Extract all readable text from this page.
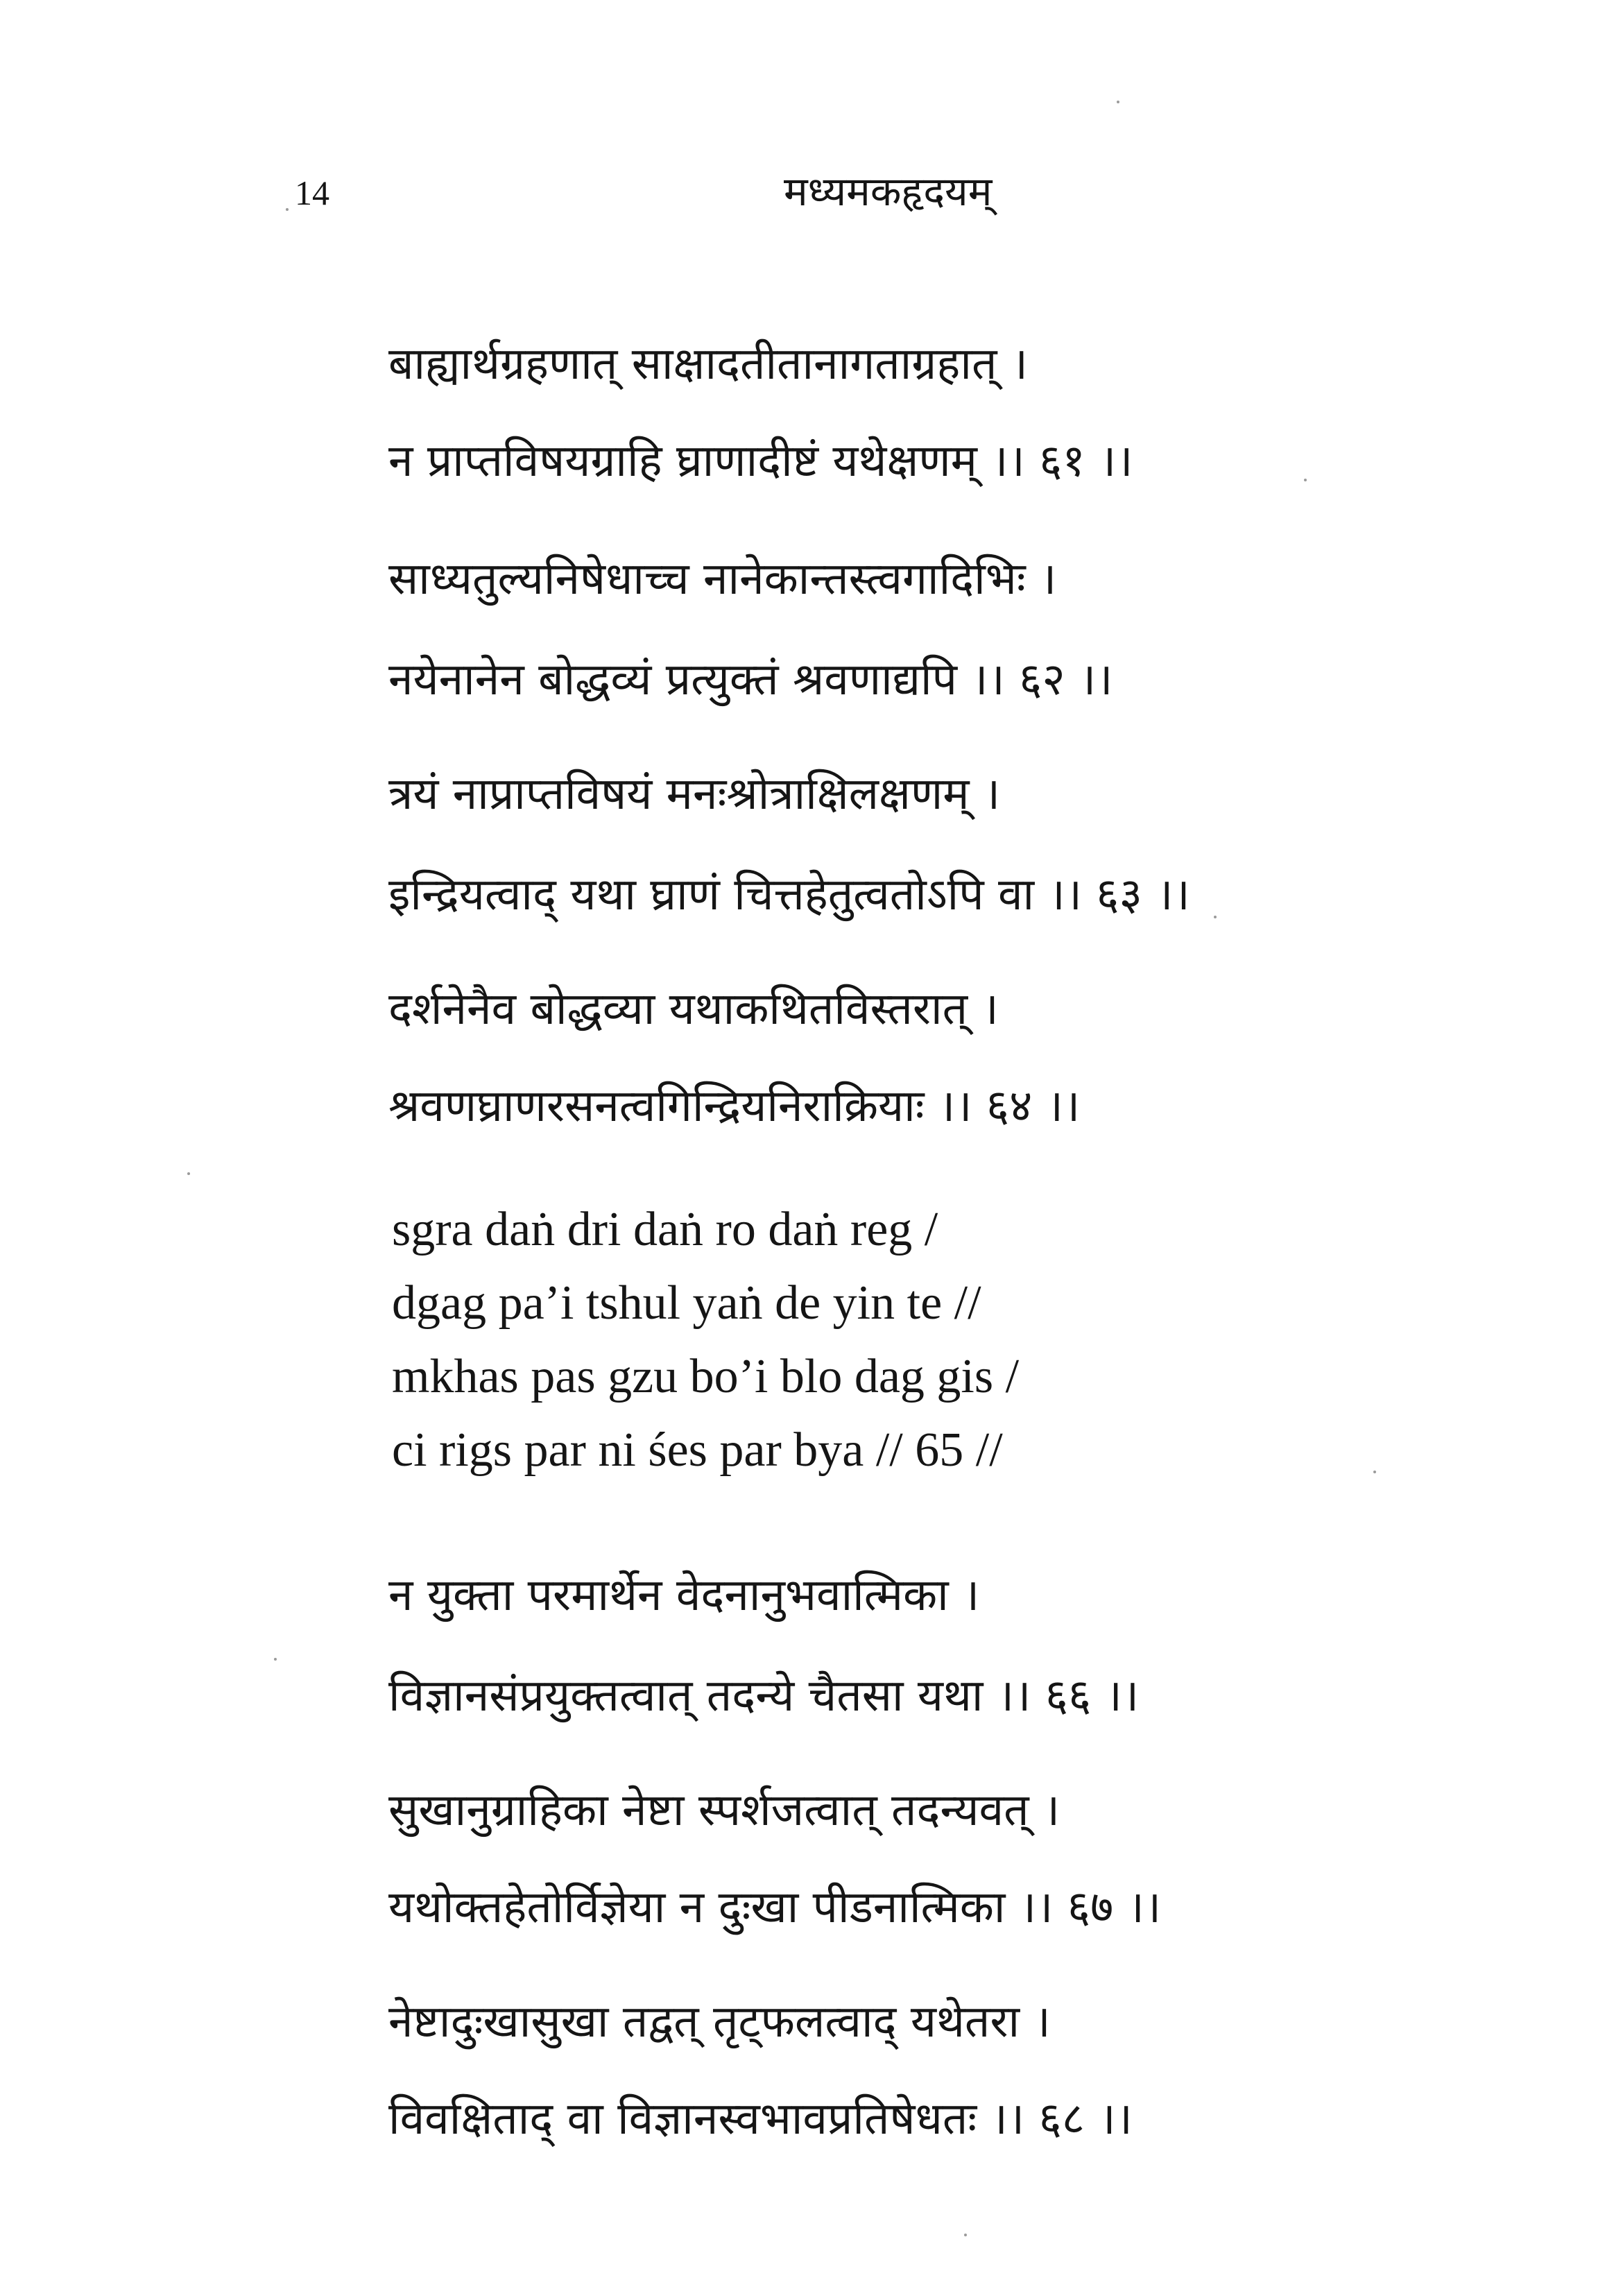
14	मध्यमकहृदयम्
बाह्यार्थग्रहणात् साक्षादतीतानागताग्रहात् ।
न प्राप्तविषयग्राहि घ्राणादीष्टं यथेक्षणम् ।। ६१ ।।
साध्यतुल्यनिषेधाच्च नानेकान्तस्त्वगादिभिः ।
नयेनानेन बोद्धव्यं प्रत्युक्तं श्रवणाद्यपि ।। ६२ ।।
त्रयं नाप्राप्तविषयं मनःश्रोत्राक्षिलक्षणम् ।
इन्द्रियत्वाद् यथा घ्राणं चित्तहेतुत्वतोऽपि वा ।। ६३ ।।
दर्शनेनैव बोद्धव्या यथाकथितविस्तरात् ।
श्रवणघ्राणरसनत्वगिन्द्रियनिराक्रियाः ।। ६४ ।।
sgra daṅ dri daṅ ro daṅ reg /
dgag pa’i tshul yaṅ de yin te //
mkhas pas gzu bo’i blo dag gis /
ci rigs par ni śes par bya // 65 //
न युक्ता परमार्थेन वेदनानुभवात्मिका ।
विज्ञानसंप्रयुक्तत्वात् तदन्ये चैतसा यथा ।। ६६ ।।
सुखानुग्राहिका नेष्टा स्पर्शजत्वात् तदन्यवत् ।
यथोक्तहेतोर्विज्ञेया न दुःखा पीडनात्मिका ।। ६७ ।।
नेष्टादुःखासुखा तद्वत् तृट्फलत्वाद् यथेतरा ।
विवक्षिताद् वा विज्ञानस्वभावप्रतिषेधतः ।। ६८ ।।
